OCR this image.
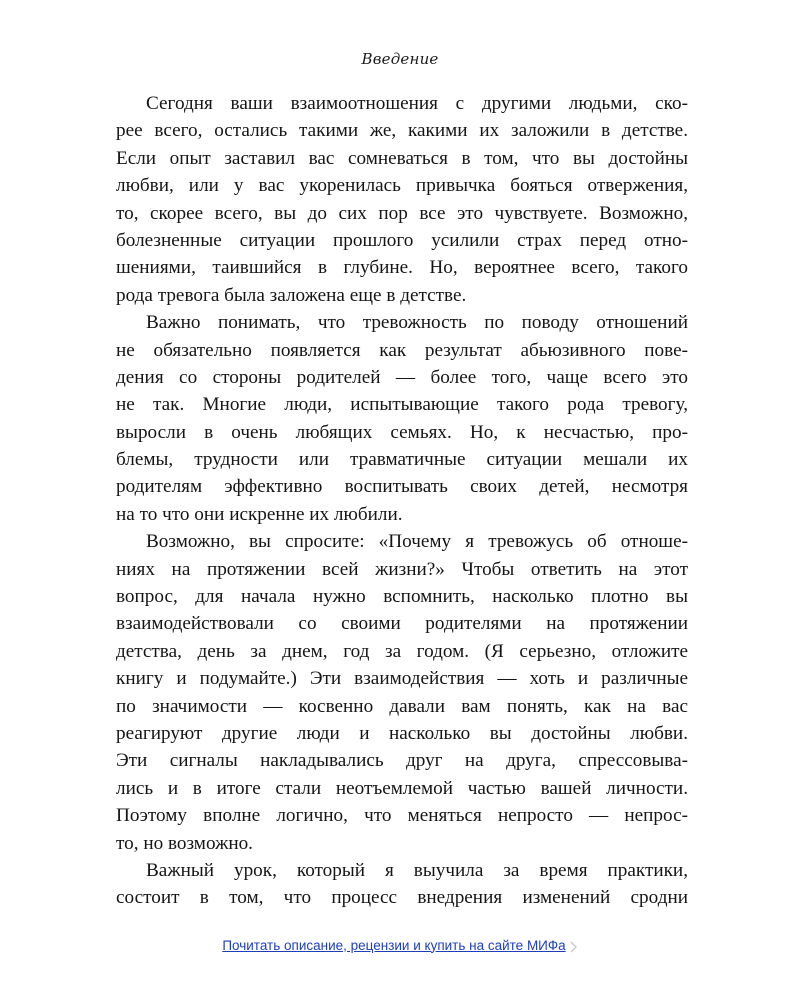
Введение

Сегодня ваши взаимоотношения с другими людьми, ско-
рее всего, остались такими же, какими их заложили в детстве.
Если опыт заставил вас сомневаться в том, что вы достойны
любви, или у вас укоренилась привычка бояться отвержения,
то, скорее всего, вы до сих пор все это чувствуете. Возможно,
болезненные ситуации прошлого усилили страх перед отно-
шениями, таившийся в глубине. Но, вероятнее всего, такого
рода тревога была заложена еще в детстве.

Важно понимать, что тревожность по поводу отношений
не обязательно появляется как результат абьюзивного пове-
дения со стороны родителей — более того, чаще всего это
не так. Многие люди, испытывающие такого рода тревогу,
выросли в очень любящих семьях. Но, к несчастью, про-
блемы, трудности или травматичные ситуации мешали их
родителям эффективно воспитывать своих детей, несмотря
на то что они искренне их любили.

Возможно, вы спросите: «Почему я тревожусь об отноше-
ниях на протяжении всей жизни?» Чтобы ответить на этот
вопрос, для начала нужно вспомнить, насколько плотно вы
взаимодействовали со своими родителями на протяжении
детства, день за днем, год за годом. (Я серьезно, отложите
книгу и подумайте.) Эти взаимодействия — хоть и различные
по значимости — косвенно давали вам понять, как на вас
реагируют другие люди и насколько вы достойны любви.
Эти сигналы накладывались друг на друга, спрессовыва-
лись и в итоге стали неотъемлемой частью вашей личности.
Поэтому вполне логично, что меняться непросто — непрос-
то, но возможно.

Важный урок, который я выучила за время практики,
состоит в том, что процесс внедрения изменений сродни

Почитать описание, рецензии и купить на сайте МИФа
